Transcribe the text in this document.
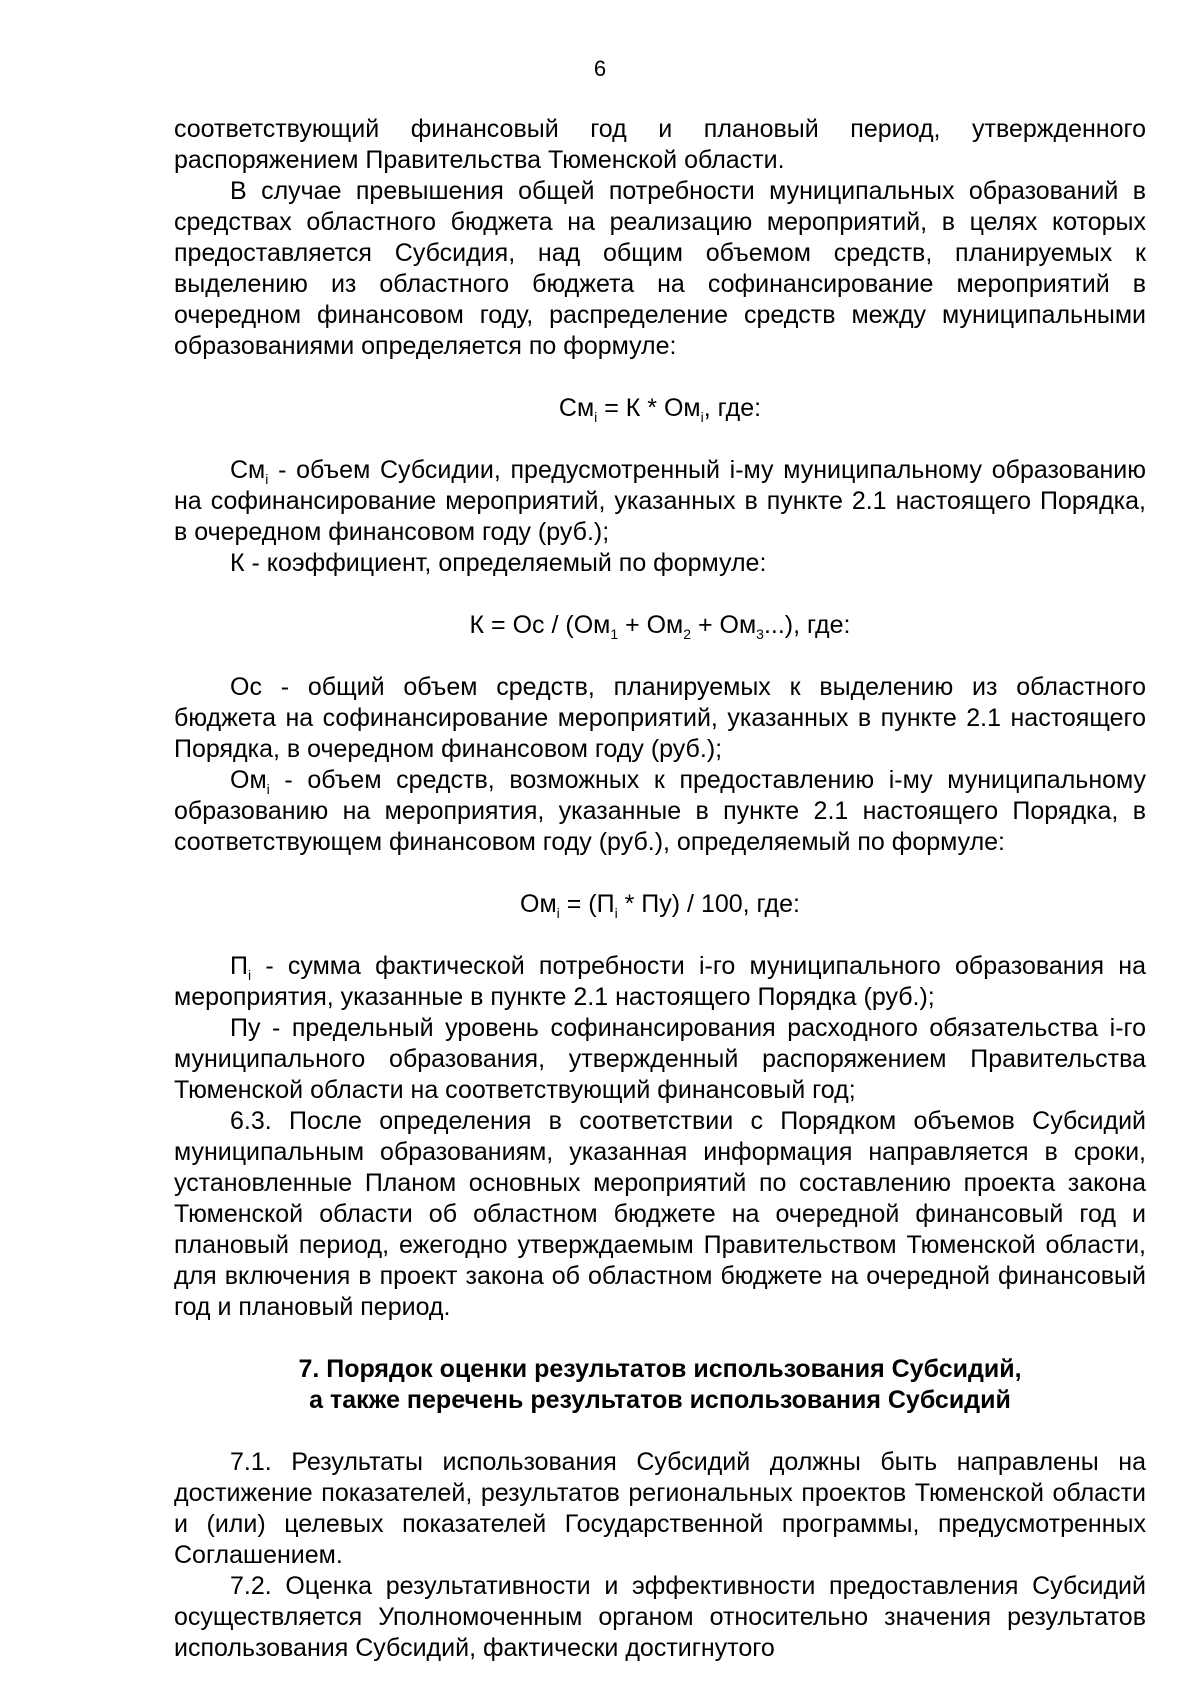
6

соответствующий финансовый год и плановый период, утвержденного распоряжением Правительства Тюменской области.

В случае превышения общей потребности муниципальных образований в средствах областного бюджета на реализацию мероприятий, в целях которых предоставляется Субсидия, над общим объемом средств, планируемых к выделению из областного бюджета на софинансирование мероприятий в очередном финансовом году, распределение средств между муниципальными образованиями определяется по формуле:

$См_i = К * Ом_i$, где:

$См_i$ - объем Субсидии, предусмотренный i-му муниципальному образованию на софинансирование мероприятий, указанных в пункте 2.1 настоящего Порядка, в очередном финансовом году (руб.);

К - коэффициент, определяемый по формуле:

К = Ос / $(Ом_1 + Ом_2 + Ом_3...)$, где:

Ос - общий объем средств, планируемых к выделению из областного бюджета на софинансирование мероприятий, указанных в пункте 2.1 настоящего Порядка, в очередном финансовом году (руб.);

$Ом_i$ - объем средств, возможных к предоставлению i-му муниципальному образованию на мероприятия, указанные в пункте 2.1 настоящего Порядка, в соответствующем финансовом году (руб.), определяемый по формуле:

$Ом_i = (П_i * Пу) / 100$, где:

$П_i$ - сумма фактической потребности i-го муниципального образования на мероприятия, указанные в пункте 2.1 настоящего Порядка (руб.);

Пу - предельный уровень софинансирования расходного обязательства i-го муниципального образования, утвержденный распоряжением Правительства Тюменской области на соответствующий финансовый год;

6.3. После определения в соответствии с Порядком объемов Субсидий муниципальным образованиям, указанная информация направляется в сроки, установленные Планом основных мероприятий по составлению проекта закона Тюменской области об областном бюджете на очередной финансовый год и плановый период, ежегодно утверждаемым Правительством Тюменской области, для включения в проект закона об областном бюджете на очередной финансовый год и плановый период.

7. Порядок оценки результатов использования Субсидий,
а также перечень результатов использования Субсидий

7.1. Результаты использования Субсидий должны быть направлены на достижение показателей, результатов региональных проектов Тюменской области и (или) целевых показателей Государственной программы, предусмотренных Соглашением.

7.2. Оценка результативности и эффективности предоставления Субсидий осуществляется Уполномоченным органом относительно значения результатов использования Субсидий, фактически достигнутого
